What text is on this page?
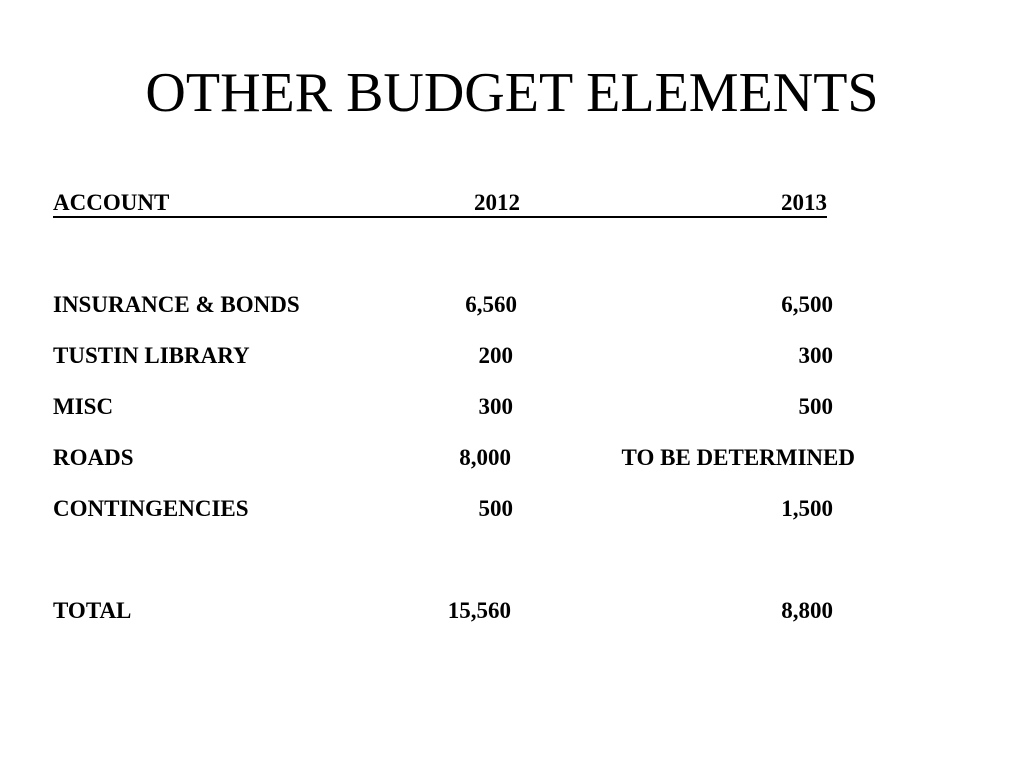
OTHER BUDGET ELEMENTS
ACCOUNT	2012	2013
INSURANCE & BONDS	6,560	6,500
TUSTIN LIBRARY	200	300
MISC	300	500
ROADS	8,000	TO BE DETERMINED
CONTINGENCIES	500	1,500
TOTAL	15,560	8,800
